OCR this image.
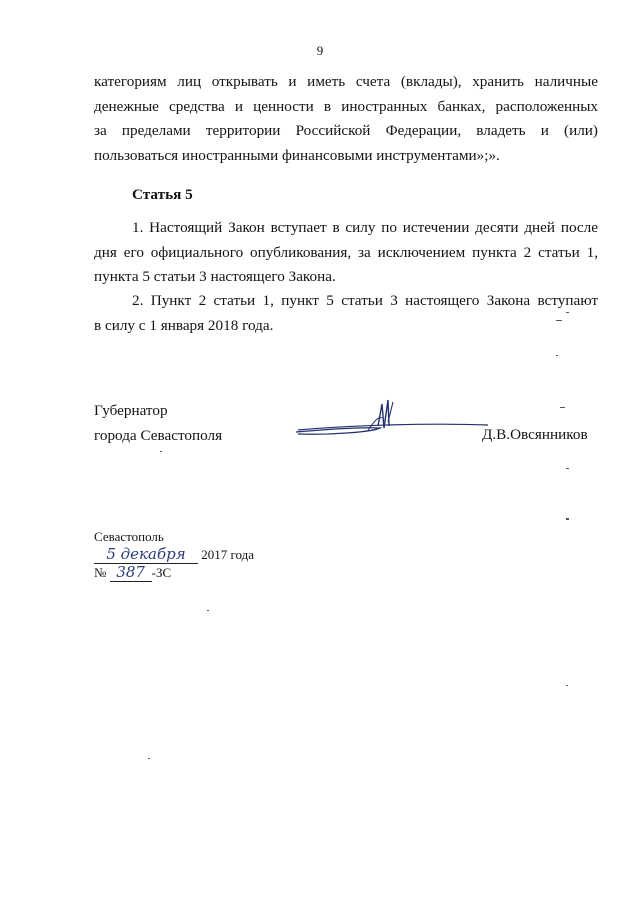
9
категориям лиц открывать и иметь счета (вклады), хранить наличные
денежные средства и ценности в иностранных банках, расположенных
за пределами территории Российской Федерации, владеть и (или)
пользоваться иностранными финансовыми инструментами»;».
Статья 5
1. Настоящий Закон вступает в силу по истечении десяти дней после
дня его официального опубликования, за исключением пункта 2 статьи 1,
пункта 5 статьи 3 настоящего Закона.
2. Пункт 2 статьи 1, пункт 5 статьи 3 настоящего Закона вступают
в силу с 1 января 2018 года.
Губернатор
города Севастополя	Д.В.Овсянников
Севастополь
5 декабря 2017 года
№ 387 -ЗС
